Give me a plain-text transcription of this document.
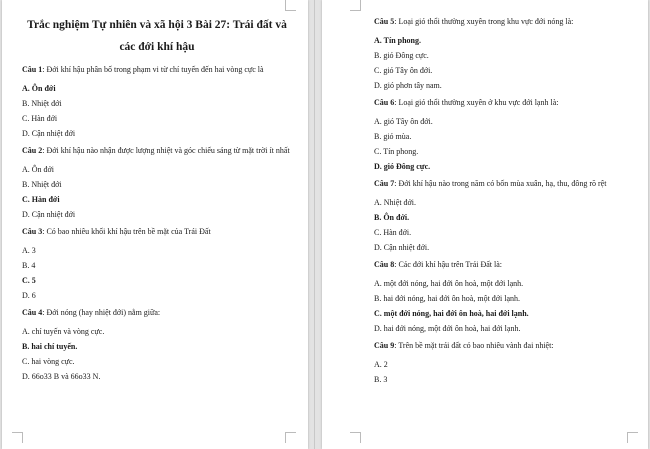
Trắc nghiệm Tự nhiên và xã hội 3 Bài 27: Trái đất và các đới khí hậu
Câu 1: Đới khí hậu phân bố trong phạm vi từ chí tuyến đến hai vòng cực là
A. Ôn đới
B. Nhiệt đới
C. Hàn đới
D. Cận nhiệt đới
Câu 2: Đới khí hậu nào nhận được lượng nhiệt và góc chiếu sáng từ mặt trời ít nhất
A. Ôn đới
B. Nhiệt đới
C. Hàn đới
D. Cận nhiệt đới
Câu 3: Có bao nhiêu khối khí hậu trên bề mặt của Trái Đất
A. 3
B. 4
C. 5
D. 6
Câu 4: Đới nóng (hay nhiệt đới) nằm giữa:
A. chí tuyến và vòng cực.
B. hai chí tuyến.
C. hai vòng cực.
D. 66o33 B và 66o33 N.
Câu 5: Loại gió thổi thường xuyên trong khu vực đới nóng là:
A. Tín phong.
B. gió Đông cực.
C. gió Tây ôn đới.
D. gió phơn tây nam.
Câu 6: Loại gió thổi thường xuyên ở khu vực đới lạnh là:
A. gió Tây ôn đới.
B. gió mùa.
C. Tín phong.
D. gió Đông cực.
Câu 7: Đới khí hậu nào trong năm có bốn mùa xuân, hạ, thu, đông rõ rệt
A. Nhiệt đới.
B. Ôn đới.
C. Hàn đới.
D. Cận nhiệt đới.
Câu 8: Các đới khí hậu trên Trái Đất là:
A. một đới nóng, hai đới ôn hoà, một đới lạnh.
B. hai đới nóng, hai đới ôn hoà, một đới lạnh.
C. một đới nóng, hai đới ôn hoà, hai đới lạnh.
D. hai đới nóng, một đới ôn hoà, hai đới lạnh.
Câu 9: Trên bề mặt trái đất có bao nhiêu vành đai nhiệt:
A. 2
B. 3
